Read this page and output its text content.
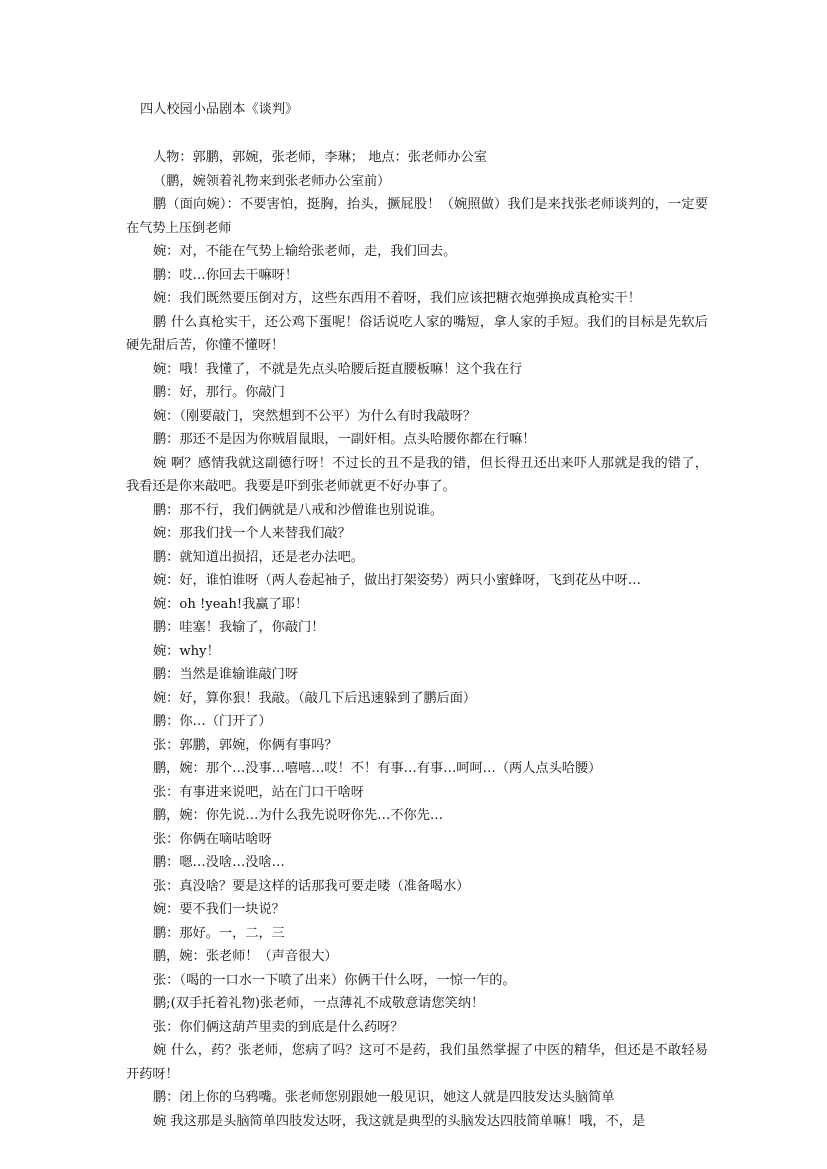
四人校园小品剧本《谈判》

人物：郭鹏，郭婉，张老师，李琳； 地点：张老师办公室

（鹏，婉领着礼物来到张老师办公室前）

鹏（面向婉）：不要害怕，挺胸，抬头，撅屁股！（婉照做）我们是来找张老师谈判的，一定要在气势上压倒老师

婉：对，不能在气势上输给张老师，走，我们回去。

鹏：哎…你回去干嘛呀！

婉：我们既然要压倒对方，这些东西用不着呀，我们应该把糖衣炮弹换成真枪实干！

鹏 什么真枪实干，还公鸡下蛋呢！俗话说吃人家的嘴短，拿人家的手短。我们的目标是先软后硬先甜后苦，你懂不懂呀！

婉：哦！我懂了，不就是先点头哈腰后挺直腰板嘛！这个我在行

鹏：好，那行。你敲门

婉：（刚要敲门，突然想到不公平）为什么有时我敲呀？

鹏：那还不是因为你贼眉鼠眼，一副奸相。点头哈腰你都在行嘛！

婉 啊？感情我就这副德行呀！不过长的丑不是我的错，但长得丑还出来吓人那就是我的错了，我看还是你来敲吧。我要是吓到张老师就更不好办事了。

鹏：那不行，我们俩就是八戒和沙僧谁也别说谁。

婉：那我们找一个人来替我们敲？

鹏：就知道出损招，还是老办法吧。

婉：好，谁怕谁呀（两人卷起袖子，做出打架姿势）两只小蜜蜂呀，飞到花丛中呀…

婉：oh !yeah!我赢了耶！

鹏：哇塞！我输了，你敲门！

婉：why！

鹏：当然是谁输谁敲门呀

婉：好，算你狠！我敲。（敲几下后迅速躲到了鹏后面）

鹏：你…（门开了）

张：郭鹏，郭婉，你俩有事吗？

鹏，婉：那个…没事…嘻嘻…哎！不！有事…有事…呵呵…（两人点头哈腰）

张：有事进来说吧，站在门口干啥呀

鹏，婉：你先说…为什么我先说呀你先…不你先…

张：你俩在嘀咕啥呀

鹏：嗯…没啥…没啥…

张：真没啥？要是这样的话那我可要走喽（准备喝水）

婉：要不我们一块说？

鹏：那好。一，二，三

鹏，婉：张老师！（声音很大）

张：（喝的一口水一下喷了出来）你俩干什么呀，一惊一乍的。

鹏;(双手托着礼物)张老师，一点薄礼不成敬意请您笑纳！

张：你们俩这葫芦里卖的到底是什么药呀？

婉 什么，药？张老师，您病了吗？这可不是药，我们虽然掌握了中医的精华，但还是不敢轻易开药呀！

鹏：闭上你的乌鸦嘴。张老师您别跟她一般见识，她这人就是四肢发达头脑简单

婉 我这那是头脑简单四肢发达呀，我这就是典型的头脑发达四肢简单嘛！哦，不，是
